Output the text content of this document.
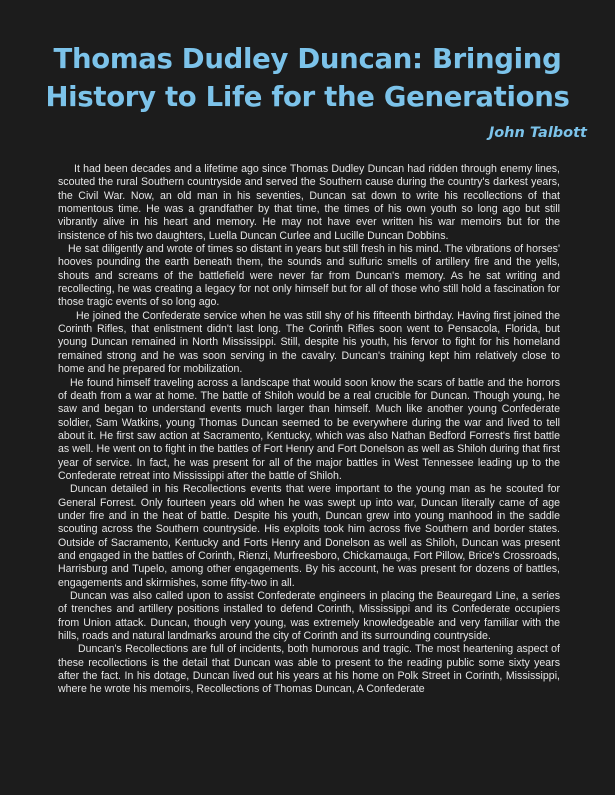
Thomas Dudley Duncan: Bringing History to Life for the Generations
John Talbott

It had been decades and a lifetime ago since Thomas Dudley Duncan had ridden through enemy lines, scouted the rural Southern countryside and served the Southern cause during the country's darkest years, the Civil War. Now, an old man in his seventies, Duncan sat down to write his recollections of that momentous time. He was a grandfather by that time, the times of his own youth so long ago but still vibrantly alive in his heart and memory. He may not have ever written his war memoirs but for the insistence of his two daughters, Luella Duncan Curlee and Lucille Duncan Dobbins.

He sat diligently and wrote of times so distant in years but still fresh in his mind. The vibrations of horses' hooves pounding the earth beneath them, the sounds and sulfuric smells of artillery fire and the yells, shouts and screams of the battlefield were never far from Duncan's memory. As he sat writing and recollecting, he was creating a legacy for not only himself but for all of those who still hold a fascination for those tragic events of so long ago.

He joined the Confederate service when he was still shy of his fifteenth birthday. Having first joined the Corinth Rifles, that enlistment didn't last long. The Corinth Rifles soon went to Pensacola, Florida, but young Duncan remained in North Mississippi. Still, despite his youth, his fervor to fight for his homeland remained strong and he was soon serving in the cavalry. Duncan's training kept him relatively close to home and he prepared for mobilization.

He found himself traveling across a landscape that would soon know the scars of battle and the horrors of death from a war at home. The battle of Shiloh would be a real crucible for Duncan. Though young, he saw and began to understand events much larger than himself. Much like another young Confederate soldier, Sam Watkins, young Thomas Duncan seemed to be everywhere during the war and lived to tell about it. He first saw action at Sacramento, Kentucky, which was also Nathan Bedford Forrest's first battle as well. He went on to fight in the battles of Fort Henry and Fort Donelson as well as Shiloh during that first year of service. In fact, he was present for all of the major battles in West Tennessee leading up to the Confederate retreat into Mississippi after the battle of Shiloh.

Duncan detailed in his Recollections events that were important to the young man as he scouted for General Forrest. Only fourteen years old when he was swept up into war, Duncan literally came of age under fire and in the heat of battle. Despite his youth, Duncan grew into young manhood in the saddle scouting across the Southern countryside. His exploits took him across five Southern and border states. Outside of Sacramento, Kentucky and Forts Henry and Donelson as well as Shiloh, Duncan was present and engaged in the battles of Corinth, Rienzi, Murfreesboro, Chickamauga, Fort Pillow, Brice's Crossroads, Harrisburg and Tupelo, among other engagements. By his account, he was present for dozens of battles, engagements and skirmishes, some fifty-two in all.

Duncan was also called upon to assist Confederate engineers in placing the Beauregard Line, a series of trenches and artillery positions installed to defend Corinth, Mississippi and its Confederate occupiers from Union attack. Duncan, though very young, was extremely knowledgeable and very familiar with the hills, roads and natural landmarks around the city of Corinth and its surrounding countryside.

Duncan's Recollections are full of incidents, both humorous and tragic. The most heartening aspect of these recollections is the detail that Duncan was able to present to the reading public some sixty years after the fact. In his dotage, Duncan lived out his years at his home on Polk Street in Corinth, Mississippi, where he wrote his memoirs, Recollections of Thomas Duncan, A Confederate
